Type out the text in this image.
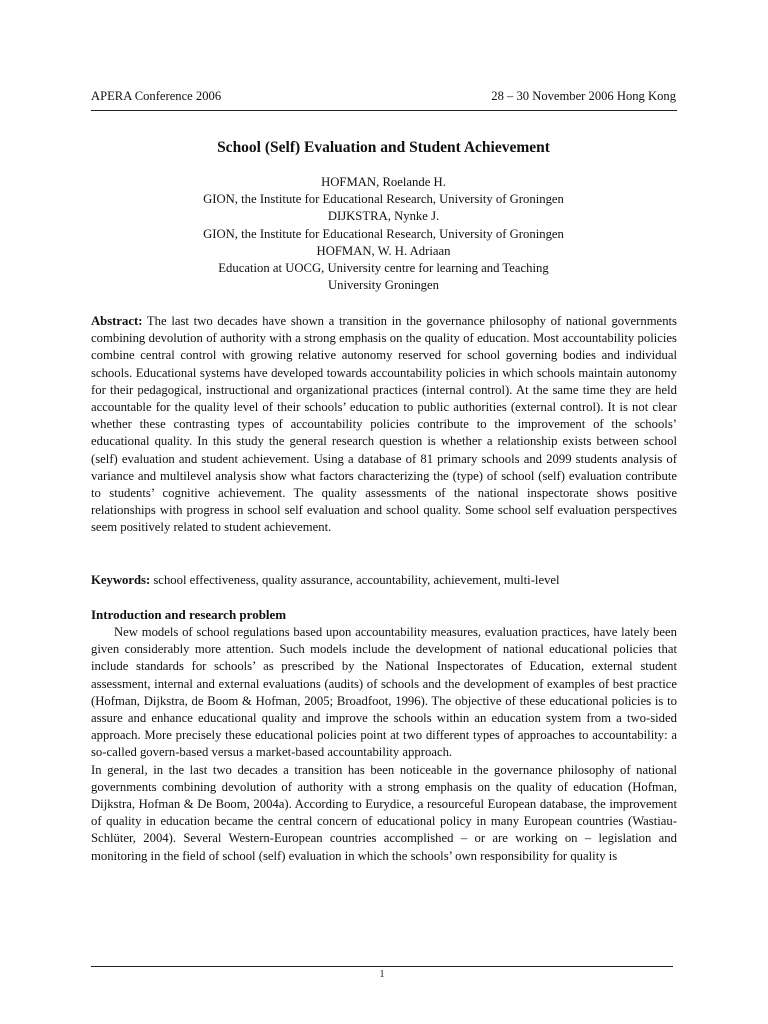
APERA Conference 2006	28 – 30 November 2006 Hong Kong
School (Self) Evaluation and Student Achievement
HOFMAN, Roelande H.
GION, the Institute for Educational Research, University of Groningen
DIJKSTRA, Nynke J.
GION, the Institute for Educational Research, University of Groningen
HOFMAN, W. H. Adriaan
Education at UOCG, University centre for learning and Teaching
University Groningen
Abstract: The last two decades have shown a transition in the governance philosophy of national governments combining devolution of authority with a strong emphasis on the quality of education. Most accountability policies combine central control with growing relative autonomy reserved for school governing bodies and individual schools. Educational systems have developed towards accountability policies in which schools maintain autonomy for their pedagogical, instructional and organizational practices (internal control). At the same time they are held accountable for the quality level of their schools’ education to public authorities (external control). It is not clear whether these contrasting types of accountability policies contribute to the improvement of the schools’ educational quality. In this study the general research question is whether a relationship exists between school (self) evaluation and student achievement. Using a database of 81 primary schools and 2099 students analysis of variance and multilevel analysis show what factors characterizing the (type) of school (self) evaluation contribute to students’ cognitive achievement. The quality assessments of the national inspectorate shows positive relationships with progress in school self evaluation and school quality. Some school self evaluation perspectives seem positively related to student achievement.
Keywords: school effectiveness, quality assurance, accountability, achievement, multi-level
Introduction and research problem

New models of school regulations based upon accountability measures, evaluation practices, have lately been given considerably more attention. Such models include the development of national educational policies that include standards for schools’ as prescribed by the National Inspectorates of Education, external student assessment, internal and external evaluations (audits) of schools and the development of examples of best practice (Hofman, Dijkstra, de Boom & Hofman, 2005; Broadfoot, 1996). The objective of these educational policies is to assure and enhance educational quality and improve the schools within an education system from a two-sided approach. More precisely these educational policies point at two different types of approaches to accountability: a so-called govern-based versus a market-based accountability approach.

In general, in the last two decades a transition has been noticeable in the governance philosophy of national governments combining devolution of authority with a strong emphasis on the quality of education (Hofman, Dijkstra, Hofman & De Boom, 2004a). According to Eurydice, a resourceful European database, the improvement of quality in education became the central concern of educational policy in many European countries (Wastiau-Schlüter, 2004). Several Western-European countries accomplished – or are working on – legislation and monitoring in the field of school (self) evaluation in which the schools’ own responsibility for quality is

1
